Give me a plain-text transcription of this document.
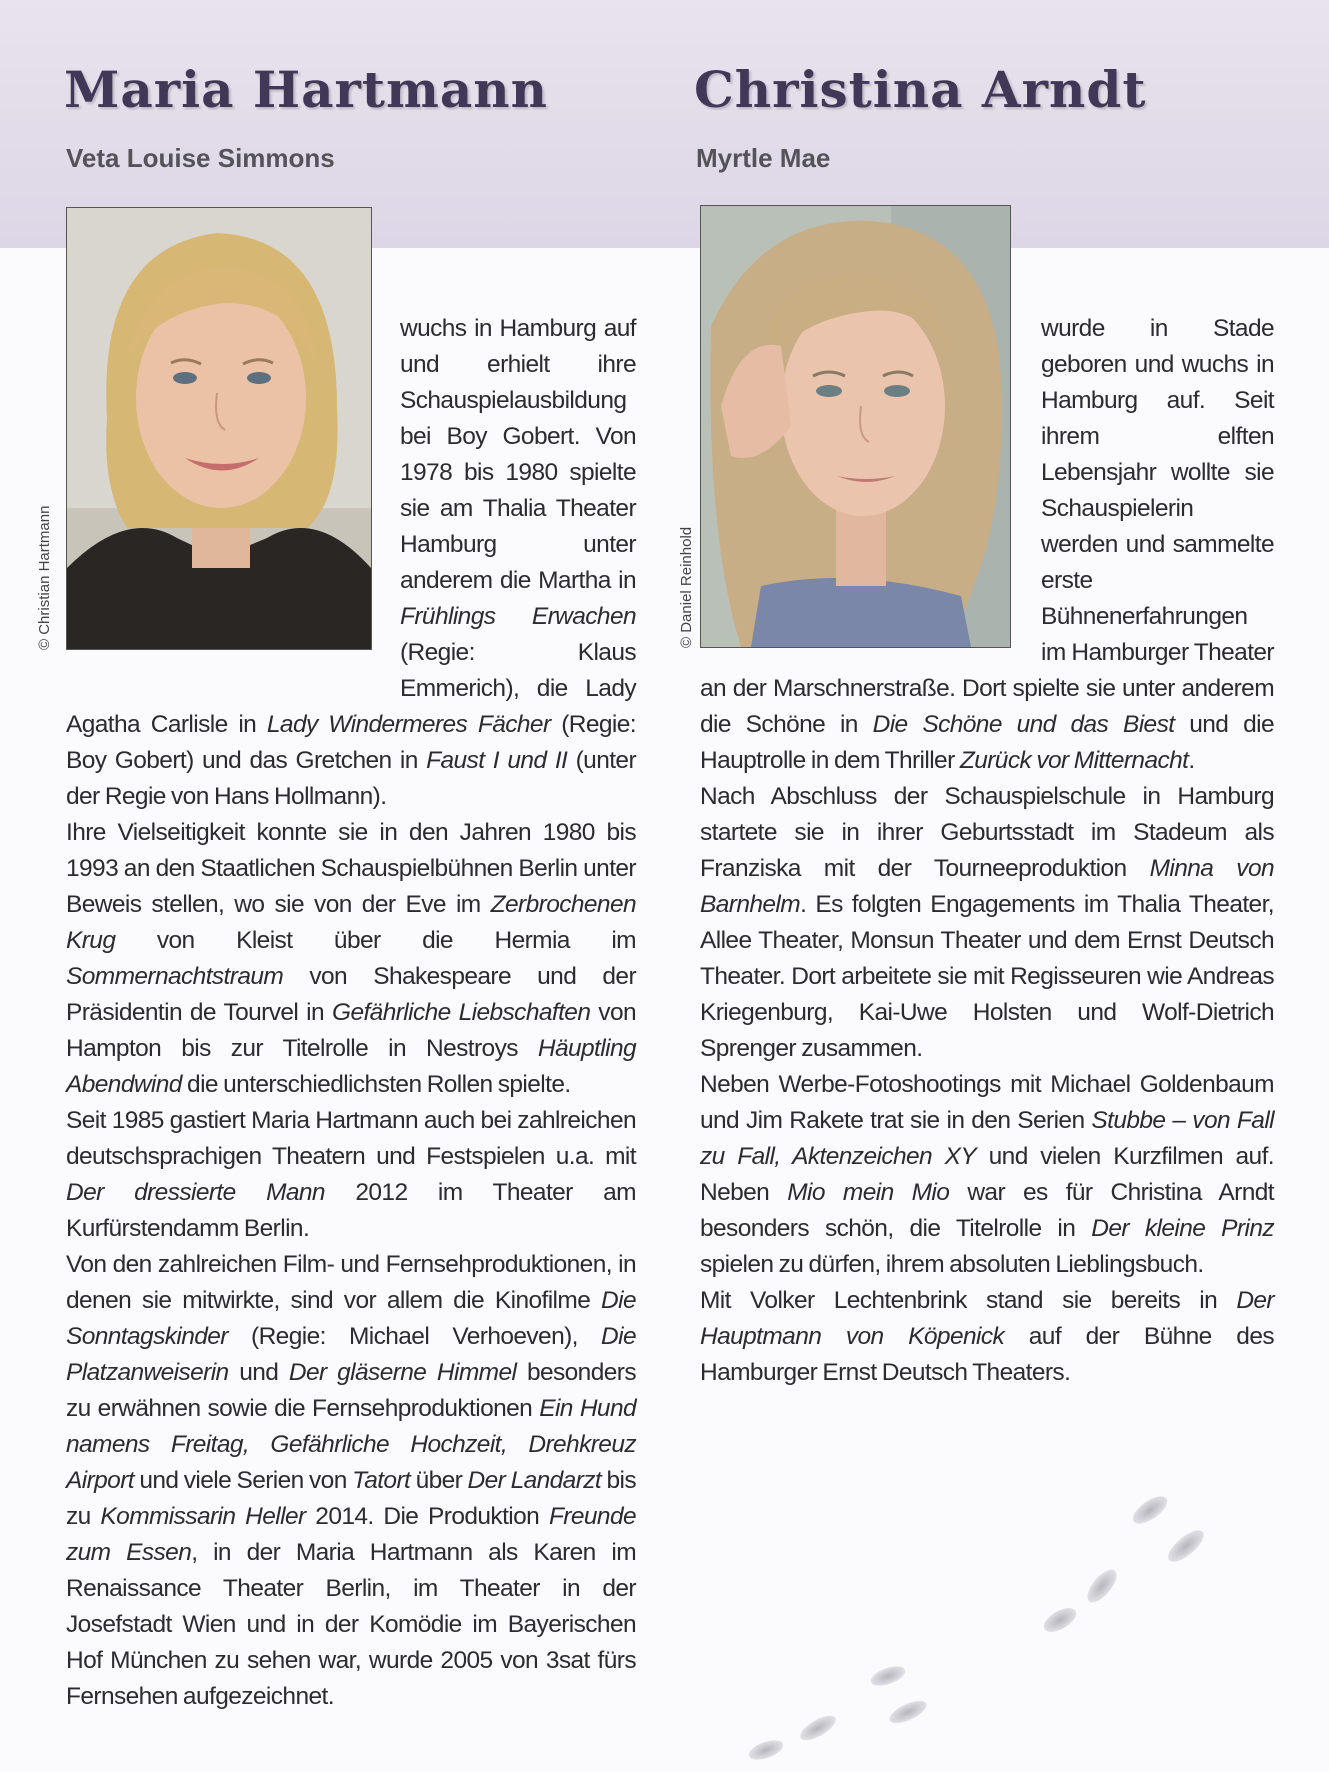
Maria Hartmann
Veta Louise Simmons
Christina Arndt
Myrtle Mae
© Christian Hartmann	© Daniel Reinhold

wuchs in Hamburg auf und erhielt ihre Schauspielausbildung bei Boy Gobert. Von 1978 bis 1980 spielte sie am Thalia Theater Hamburg unter anderem die Martha in Frühlings Erwachen (Regie: Klaus Emmerich), die Lady Agatha Carlisle in Lady Windermeres Fächer (Regie: Boy Gobert) und das Gretchen in Faust I und II (unter der Regie von Hans Hollmann).

Ihre Vielseitigkeit konnte sie in den Jahren 1980 bis 1993 an den Staatlichen Schauspielbühnen Berlin unter Beweis stellen, wo sie von der Eve im Zerbrochenen Krug von Kleist über die Hermia im Sommernachtstraum von Shakespeare und der Präsidentin de Tourvel in Gefährliche Liebschaften von Hampton bis zur Titelrolle in Nestroys Häuptling Abendwind die unterschiedlichsten Rollen spielte.

Seit 1985 gastiert Maria Hartmann auch bei zahlreichen deutschsprachigen Theatern und Festspielen u.a. mit Der dressierte Mann 2012 im Theater am Kurfürstendamm Berlin.

Von den zahlreichen Film- und Fernsehproduktionen, in denen sie mitwirkte, sind vor allem die Kinofilme Die Sonntagskinder (Regie: Michael Verhoeven), Die Platzanweiserin und Der gläserne Himmel besonders zu erwähnen sowie die Fernsehproduktionen Ein Hund namens Freitag, Gefährliche Hochzeit, Drehkreuz Airport und viele Serien von Tatort über Der Landarzt bis zu Kommissarin Heller 2014. Die Produktion Freunde zum Essen, in der Maria Hartmann als Karen im Renaissance Theater Berlin, im Theater in der Josefstadt Wien und in der Komödie im Bayerischen Hof München zu sehen war, wurde 2005 von 3sat fürs Fernsehen aufgezeichnet.

wurde in Stade geboren und wuchs in Hamburg auf. Seit ihrem elften Lebensjahr wollte sie Schauspielerin werden und sammelte erste Bühnenerfahrungen im Hamburger Theater an der Marschnerstraße. Dort spielte sie unter anderem die Schöne in Die Schöne und das Biest und die Hauptrolle in dem Thriller Zurück vor Mitternacht.

Nach Abschluss der Schauspielschule in Hamburg startete sie in ihrer Geburtsstadt im Stadeum als Franziska mit der Tourneeproduktion Minna von Barnhelm. Es folgten Engagements im Thalia Theater, Allee Theater, Monsun Theater und dem Ernst Deutsch Theater. Dort arbeitete sie mit Regisseuren wie Andreas Kriegenburg, Kai-Uwe Holsten und Wolf-Dietrich Sprenger zusammen.

Neben Werbe-Fotoshootings mit Michael Goldenbaum und Jim Rakete trat sie in den Serien Stubbe – von Fall zu Fall, Aktenzeichen XY und vielen Kurzfilmen auf. Neben Mio mein Mio war es für Christina Arndt besonders schön, die Titelrolle in Der kleine Prinz spielen zu dürfen, ihrem absoluten Lieblingsbuch.

Mit Volker Lechtenbrink stand sie bereits in Der Hauptmann von Köpenick auf der Bühne des Hamburger Ernst Deutsch Theaters.
